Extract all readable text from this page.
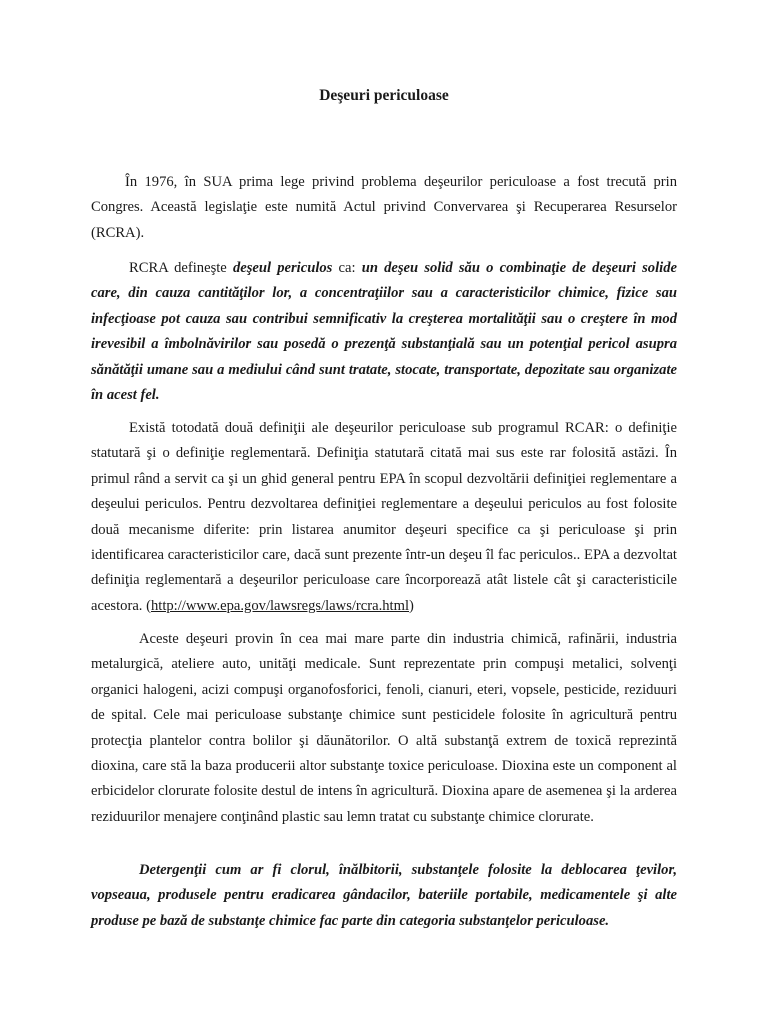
Deşeuri periculoase

În 1976, în SUA prima lege privind problema deşeurilor periculoase a fost trecută prin Congres. Această legislaţie este numită Actul privind Convervarea şi Recuperarea Resurselor (RCRA).

RCRA defineşte deşeul periculos ca: un deşeu solid său o combinaţie de deşeuri solide care, din cauza cantităţilor lor, a concentraţiilor sau a caracteristicilor chimice, fizice sau infecţioase pot cauza sau contribui semnificativ la creşterea mortalităţii sau o creştere în mod irevesibil a îmbolnăvirilor sau posedă o prezenţă substanţială sau un potenţial pericol asupra sănătăţii umane sau a mediului când sunt tratate, stocate, transportate, depozitate sau organizate în acest fel.

Există totodată două definiţii ale deşeurilor periculoase sub programul RCAR: o definiţie statutară şi o definiţie reglementară. Definiţia statutară citată mai sus este rar folosită astăzi. În primul rând a servit ca şi un ghid general pentru EPA în scopul dezvoltării definiţiei reglementare a deşeului periculos. Pentru dezvoltarea definiţiei reglementare a deşeului periculos au fost folosite două mecanisme diferite: prin listarea anumitor deşeuri specifice ca şi periculoase şi prin identificarea caracteristicilor care, dacă sunt prezente într-un deşeu îl fac periculos.. EPA a dezvoltat definiţia reglementară a deşeurilor periculoase care încorporează atât listele cât şi caracteristicile acestora. (http://www.epa.gov/lawsregs/laws/rcra.html)

Aceste deşeuri provin în cea mai mare parte din industria chimică, rafinării, industria metalurgică, ateliere auto, unităţi medicale. Sunt reprezentate prin compuşi metalici, solvenţi organici halogeni, acizi compuşi organofosforici, fenoli, cianuri, eteri, vopsele, pesticide, reziduuri de spital. Cele mai periculoase substanţe chimice sunt pesticidele folosite în agricultură pentru protecţia plantelor contra bolilor şi dăunătorilor. O altă substanţă extrem de toxică reprezintă dioxina, care stă la baza producerii altor substanţe toxice periculoase. Dioxina este un component al erbicidelor clorurate folosite destul de intens în agricultură. Dioxina apare de asemenea şi la arderea reziduurilor menajere conţinând plastic sau lemn tratat cu substanţe chimice clorurate.

Detergenţii cum ar fi clorul, înălbitorii, substanţele folosite la deblocarea ţevilor, vopseaua, produsele pentru eradicarea gândacilor, bateriile portabile, medicamentele şi alte produse pe bază de substanţe chimice fac parte din categoria substanţelor periculoase.
